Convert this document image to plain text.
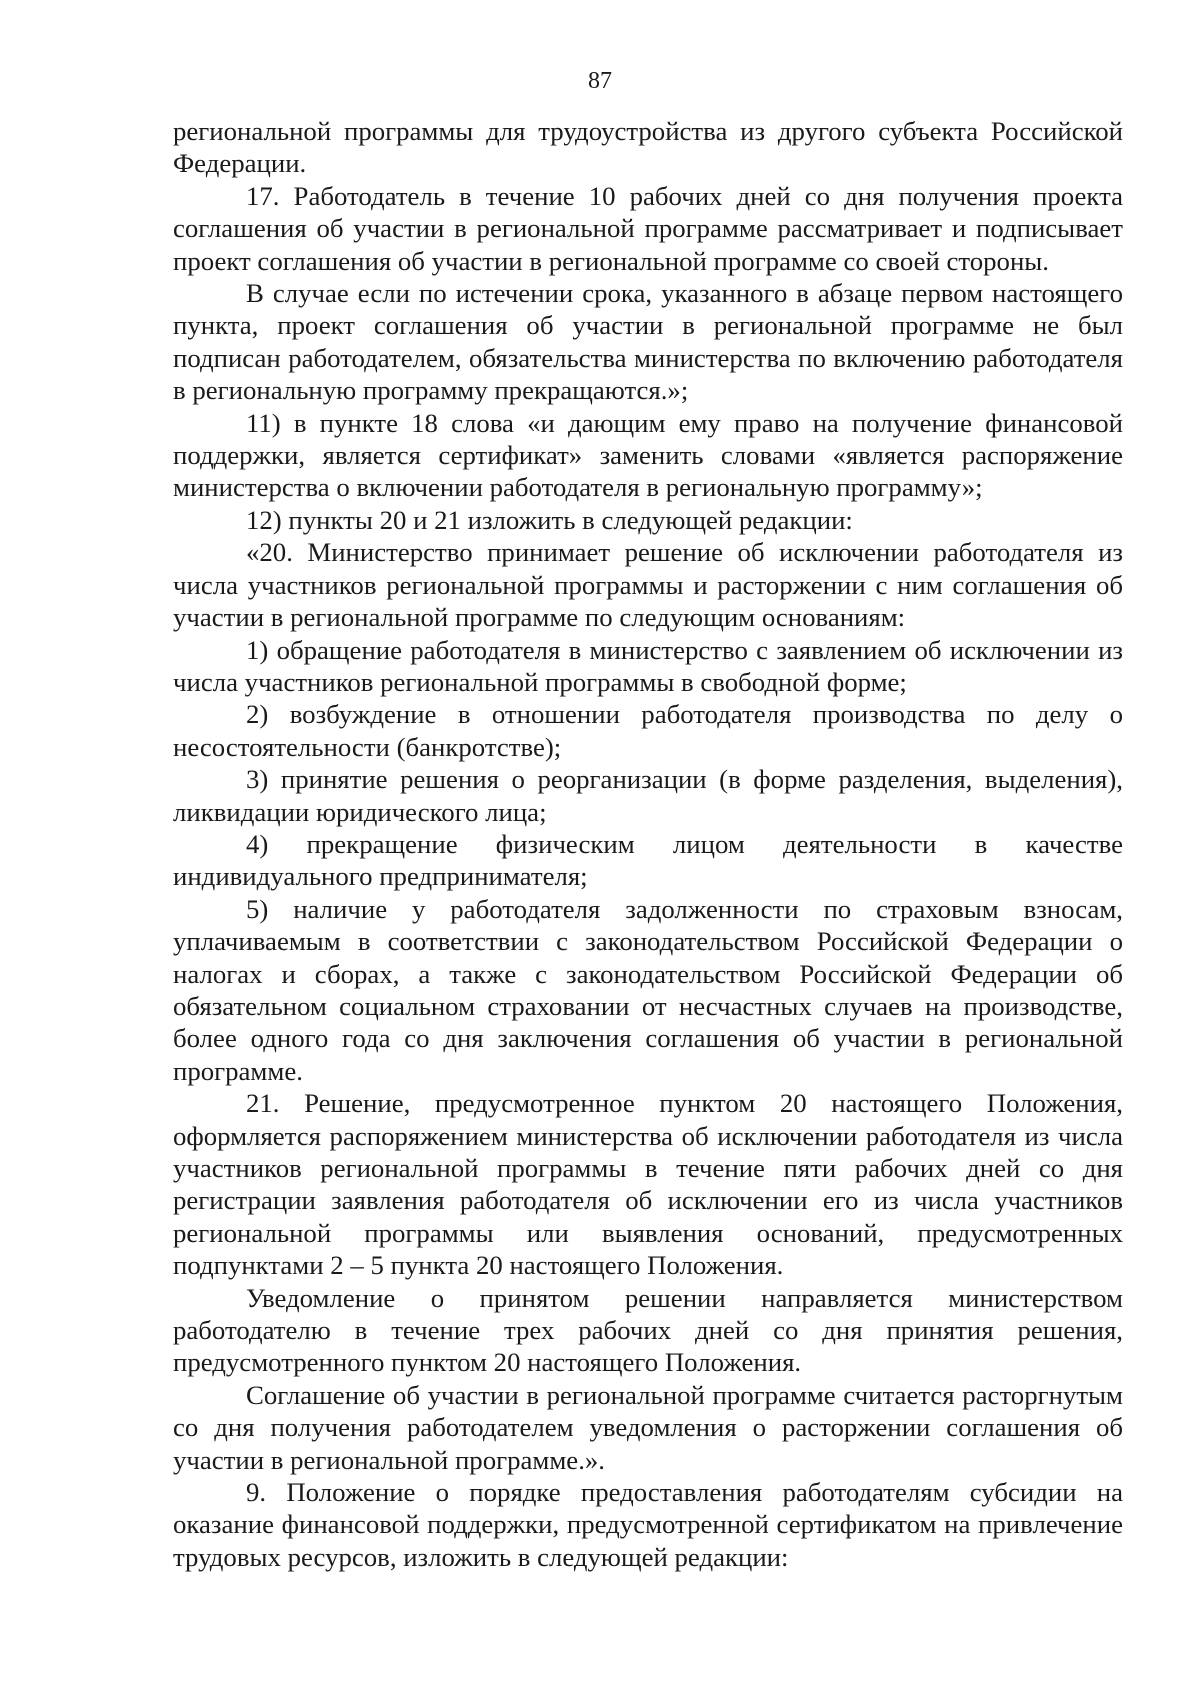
87

региональной программы для трудоустройства из другого субъекта Российской Федерации.

17. Работодатель в течение 10 рабочих дней со дня получения проекта соглашения об участии в региональной программе рассматривает и подписывает проект соглашения об участии в региональной программе со своей стороны.

В случае если по истечении срока, указанного в абзаце первом настоящего пункта, проект соглашения об участии в региональной программе не был подписан работодателем, обязательства министерства по включению работодателя в региональную программу прекращаются.»;

11) в пункте 18 слова «и дающим ему право на получение финансовой поддержки, является сертификат» заменить словами «является распоряжение министерства о включении работодателя в региональную программу»;

12) пункты 20 и 21 изложить в следующей редакции:

«20. Министерство принимает решение об исключении работодателя из числа участников региональной программы и расторжении с ним соглашения об участии в региональной программе по следующим основаниям:

1) обращение работодателя в министерство с заявлением об исключении из числа участников региональной программы в свободной форме;

2) возбуждение в отношении работодателя производства по делу о несостоятельности (банкротстве);

3) принятие решения о реорганизации (в форме разделения, выделения), ликвидации юридического лица;

4) прекращение физическим лицом деятельности в качестве индивидуального предпринимателя;

5) наличие у работодателя задолженности по страховым взносам, уплачиваемым в соответствии с законодательством Российской Федерации о налогах и сборах, а также с законодательством Российской Федерации об обязательном социальном страховании от несчастных случаев на производстве, более одного года со дня заключения соглашения об участии в региональной программе.

21. Решение, предусмотренное пунктом 20 настоящего Положения, оформляется распоряжением министерства об исключении работодателя из числа участников региональной программы в течение пяти рабочих дней со дня регистрации заявления работодателя об исключении его из числа участников региональной программы или выявления оснований, предусмотренных подпунктами 2 – 5 пункта 20 настоящего Положения.

Уведомление о принятом решении направляется министерством работодателю в течение трех рабочих дней со дня принятия решения, предусмотренного пунктом 20 настоящего Положения.

Соглашение об участии в региональной программе считается расторгнутым со дня получения работодателем уведомления о расторжении соглашения об участии в региональной программе.».

9. Положение о порядке предоставления работодателям субсидии на оказание финансовой поддержки, предусмотренной сертификатом на привлечение трудовых ресурсов, изложить в следующей редакции:
